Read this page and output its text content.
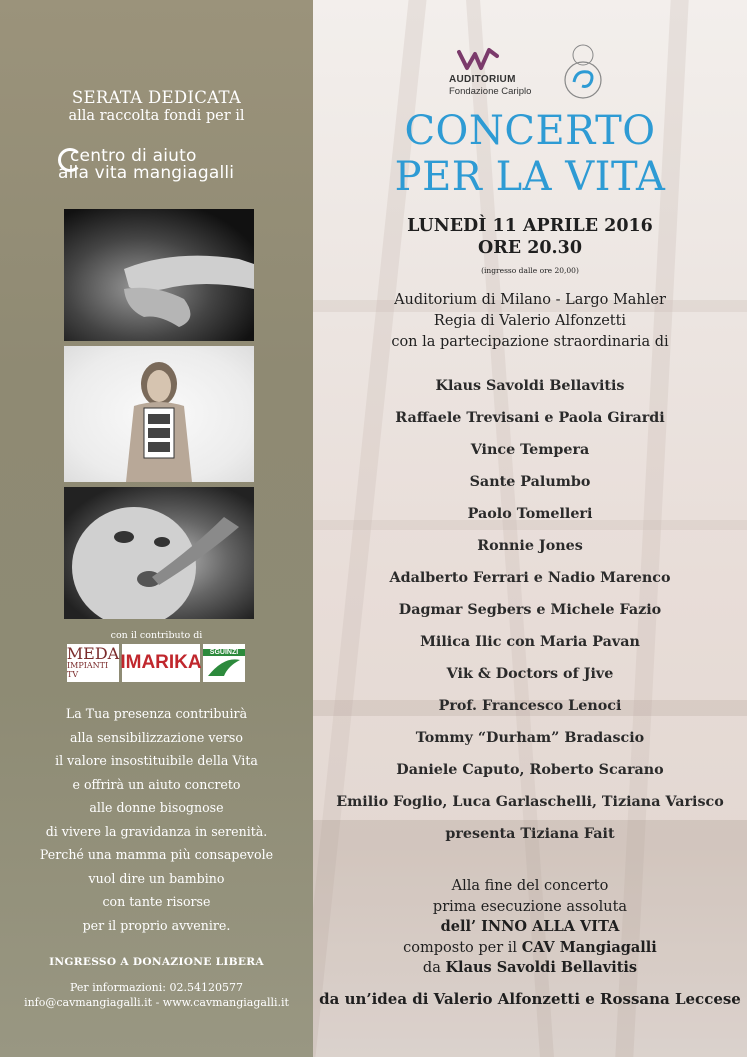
SERATA DEDICATA
alla raccolta fondi per il
centro di aiuto
alla vita mangiagalli
con il contributo di
MEDA
IMPIANTI TV
IMARIKA	SGUINZI
La Tua presenza contribuirà
alla sensibilizzazione verso
il valore insostituibile della Vita
e offrirà un aiuto concreto
alle donne bisognose
di vivere la gravidanza in serenità.
Perché una mamma più consapevole
vuol dire un bambino
con tante risorse
per il proprio avvenire.
INGRESSO A DONAZIONE LIBERA
Per informazioni: 02.54120577
info@cavmangiagalli.it - www.cavmangiagalli.it
AUDITORIUM
Fondazione Cariplo
CONCERTO
PER LA VITA
LUNEDÌ 11 APRILE 2016
ORE 20.30
(ingresso dalle ore 20,00)
Auditorium di Milano - Largo Mahler
Regia di Valerio Alfonzetti
con la partecipazione straordinaria di
Klaus Savoldi Bellavitis
Raffaele Trevisani e Paola Girardi
Vince Tempera
Sante Palumbo
Paolo Tomelleri
Ronnie Jones
Adalberto Ferrari e Nadio Marenco
Dagmar Segbers e Michele Fazio
Milica Ilic con Maria Pavan
Vik & Doctors of Jive
Prof. Francesco Lenoci
Tommy “Durham” Bradascio
Daniele Caputo, Roberto Scarano
Emilio Foglio, Luca Garlaschelli, Tiziana Varisco
presenta Tiziana Fait
Alla fine del concerto
prima esecuzione assoluta
dell’ INNO ALLA VITA
composto per il CAV Mangiagalli
da Klaus Savoldi Bellavitis
da un’idea di Valerio Alfonzetti e Rossana Leccese
